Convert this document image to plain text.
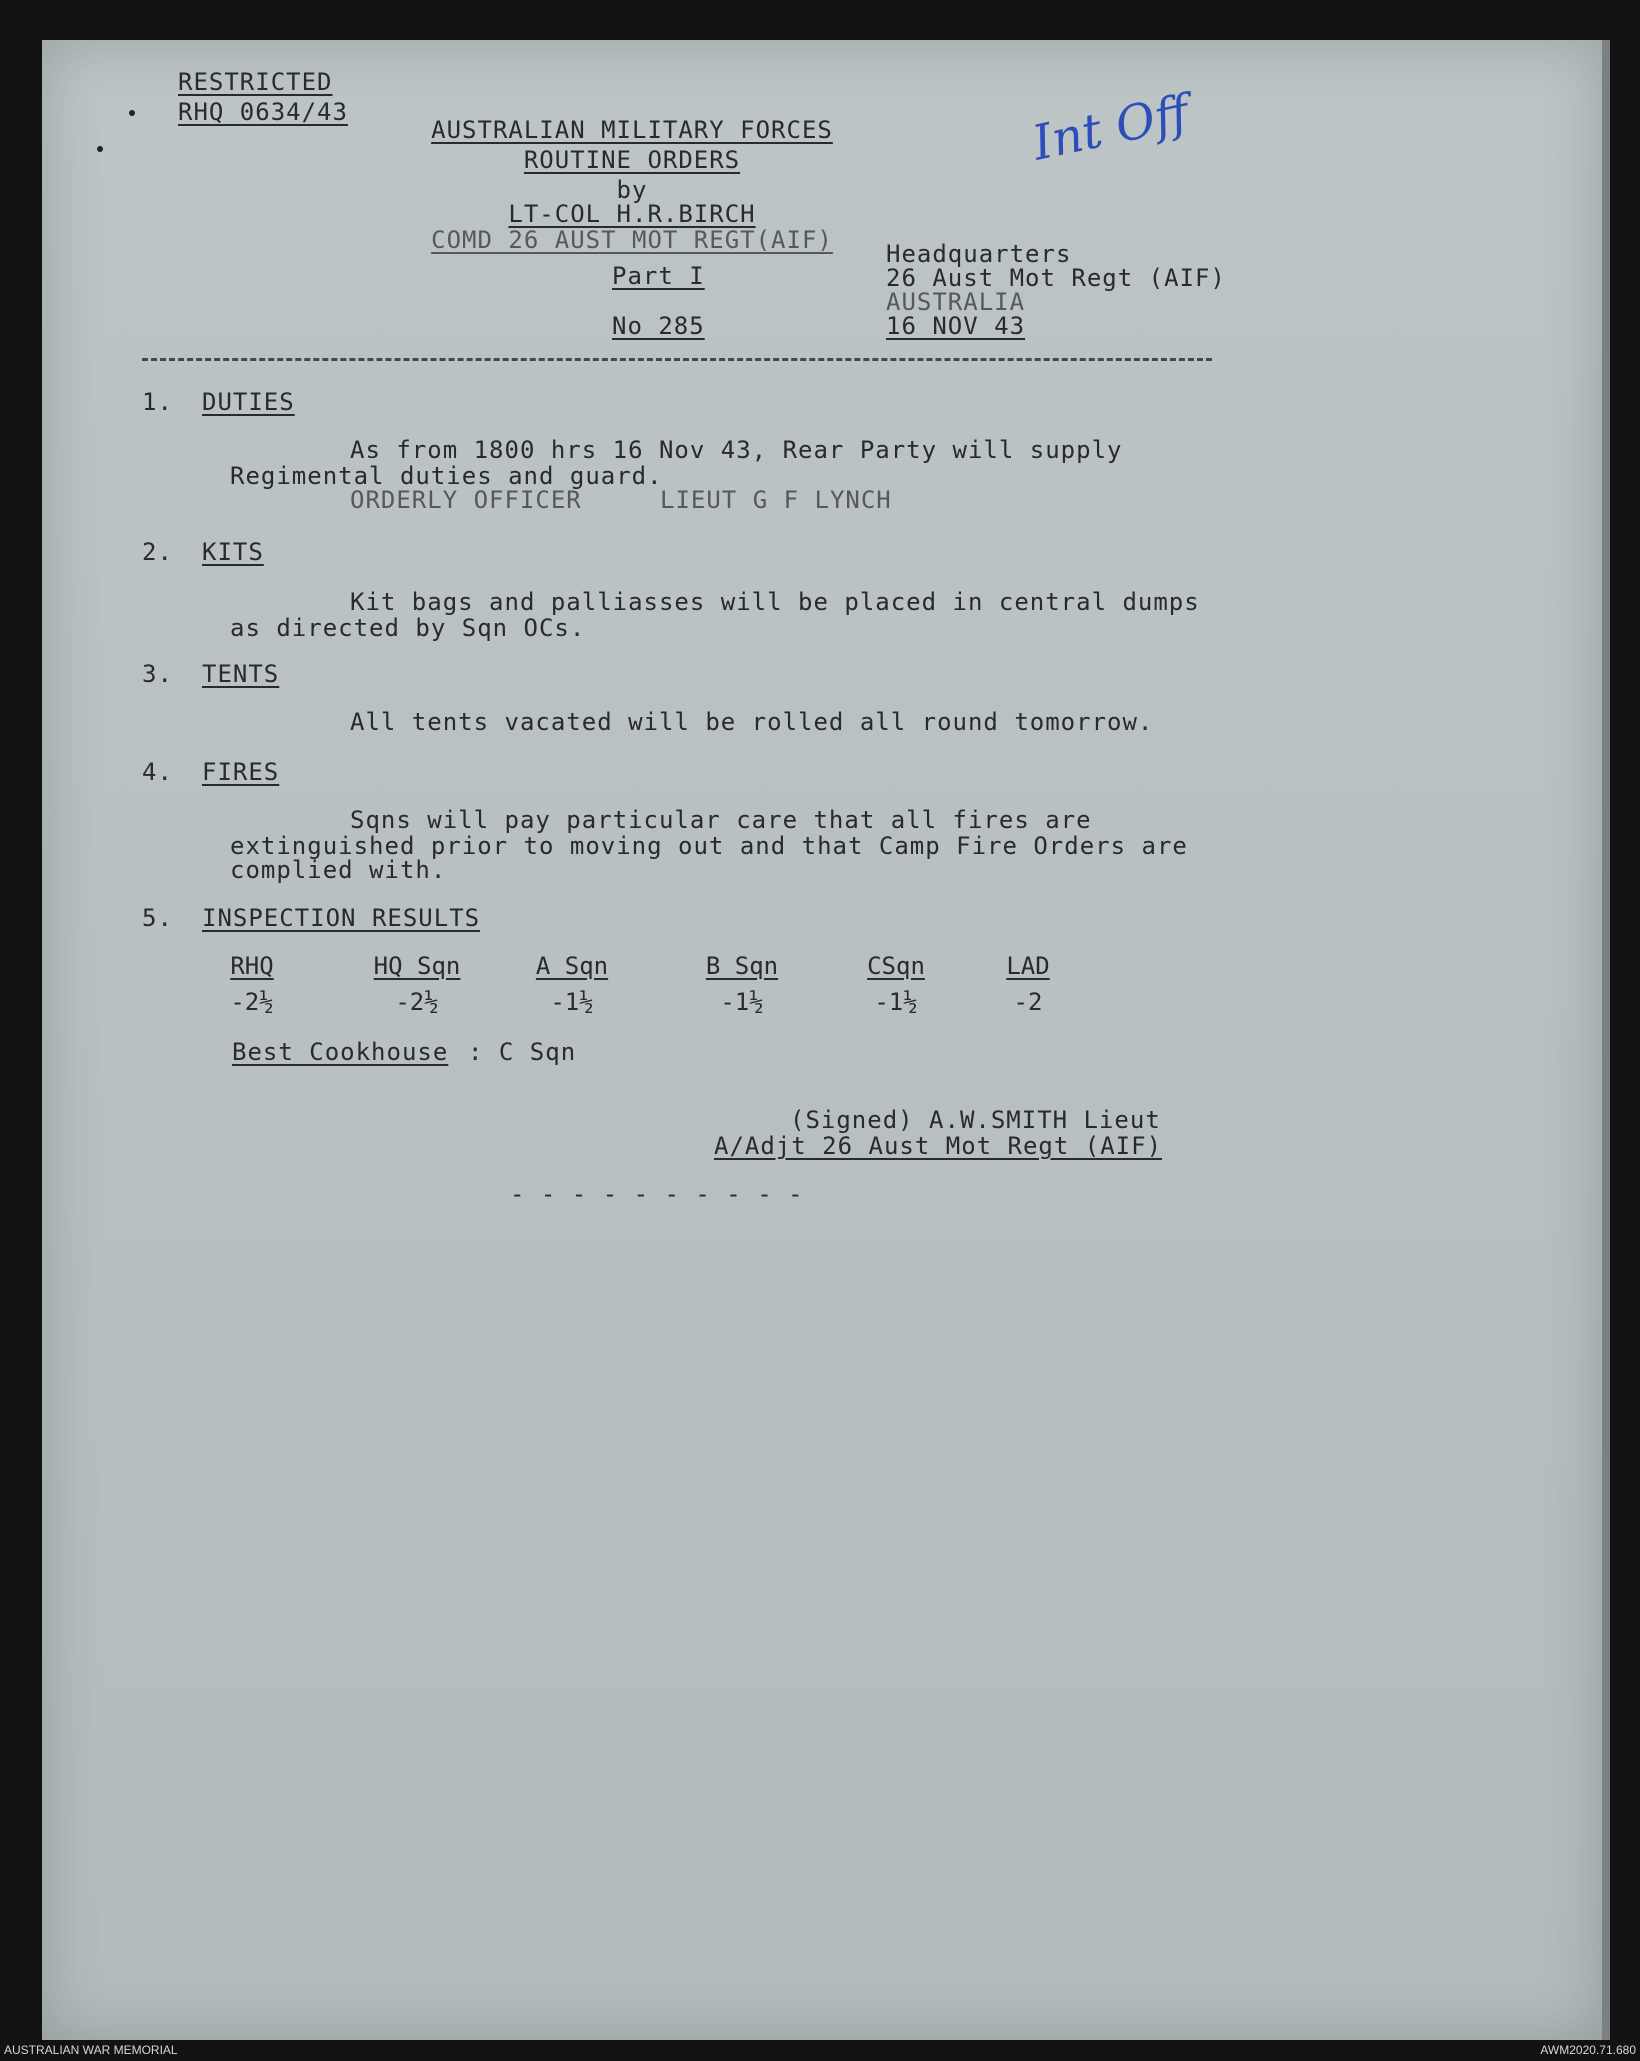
RESTRICTED
RHQ 0634/43
AUSTRALIAN MILITARY FORCES
ROUTINE ORDERS
by
LT-COL H.R.BIRCH
COMD 26 AUST MOT REGT(AIF)
Int Off
Part I
No 285
Headquarters
26 Aust Mot Regt (AIF)
AUSTRALIA
16 NOV 43
1. DUTIES
As from 1800 hrs 16 Nov 43, Rear Party will supply
Regimental duties and guard.
ORDERLY OFFICER	LIEUT G F LYNCH
2. KITS
Kit bags and palliasses will be placed in central dumps
as directed by Sqn OCs.
3. TENTS
All tents vacated will be rolled all round tomorrow.
4. FIRES
Sqns will pay particular care that all fires are
extinguished prior to moving out and that Camp Fire Orders are
complied with.
5. INSPECTION RESULTS
RHQ
-2½
HQ Sqn
-2½
A Sqn
-1½
B Sqn
-1½
CSqn
-1½
LAD
-2
Best Cookhouse : C Sqn
(Signed) A.W.SMITH Lieut
A/Adjt 26 Aust Mot Regt (AIF)
- - - - - - - - - -
AUSTRALIAN WAR MEMORIAL	AWM2020.71.680
